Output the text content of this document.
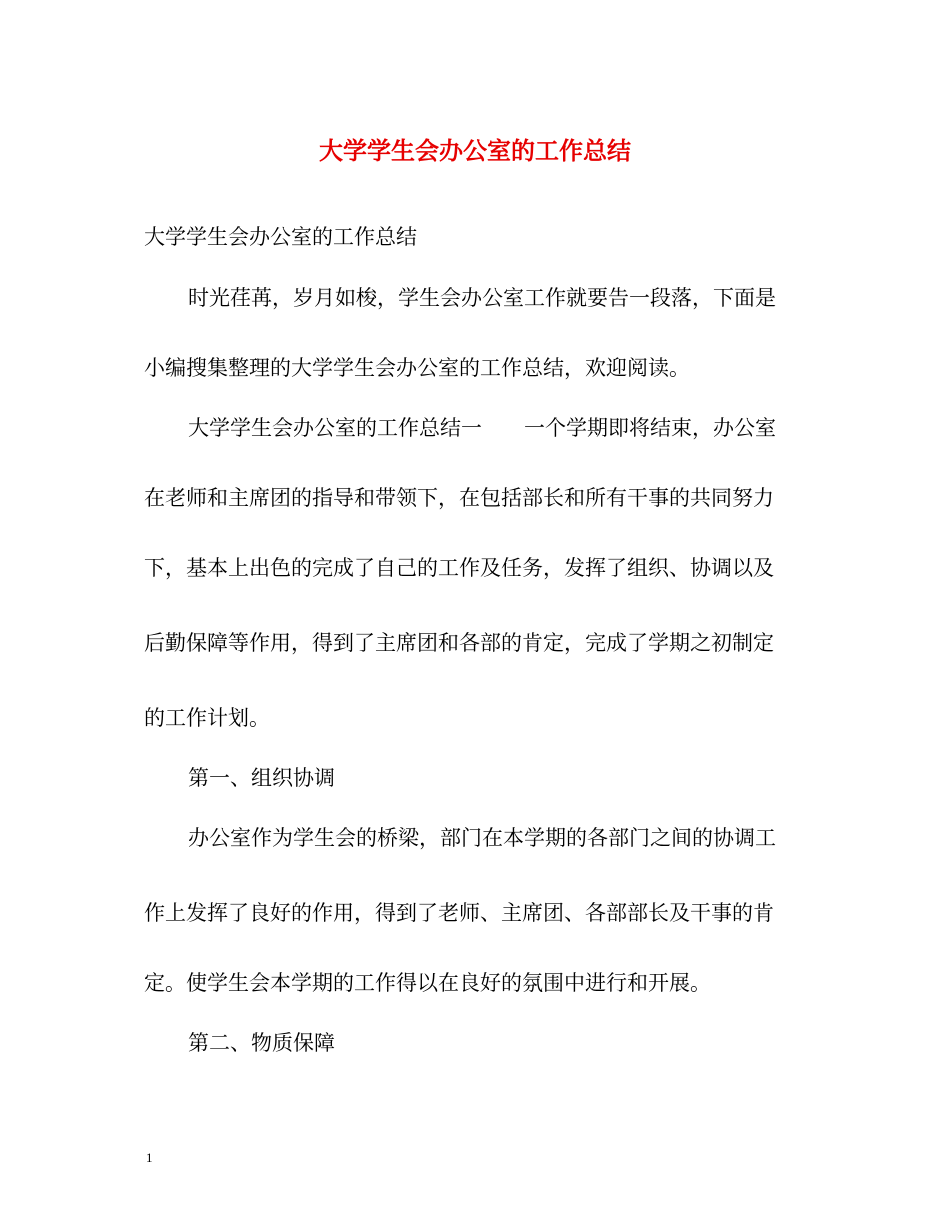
大学学生会办公室的工作总结
大学学生会办公室的工作总结
时光荏苒，岁月如梭，学生会办公室工作就要告一段落，下面是
小编搜集整理的大学学生会办公室的工作总结，欢迎阅读。
大学学生会办公室的工作总结一　　一个学期即将结束，办公室
在老师和主席团的指导和带领下，在包括部长和所有干事的共同努力
下，基本上出色的完成了自己的工作及任务，发挥了组织、协调以及
后勤保障等作用，得到了主席团和各部的肯定，完成了学期之初制定
的工作计划。
第一、组织协调
办公室作为学生会的桥梁，部门在本学期的各部门之间的协调工
作上发挥了良好的作用，得到了老师、主席团、各部部长及干事的肯
定。使学生会本学期的工作得以在良好的氛围中进行和开展。
第二、物质保障
1
